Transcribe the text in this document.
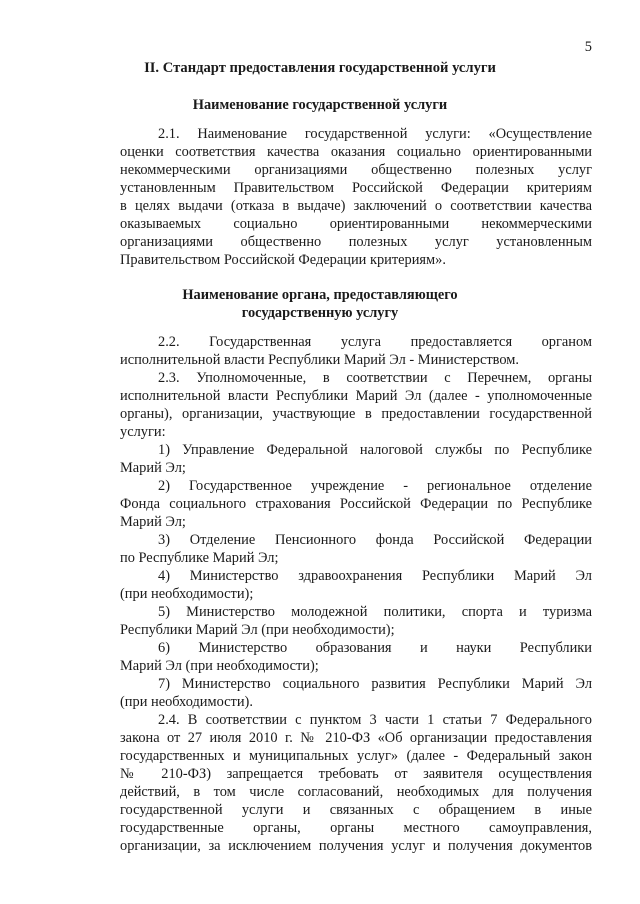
5
II. Стандарт предоставления государственной услуги
Наименование государственной услуги
2.1. Наименование государственной услуги: «Осуществление
оценки соответствия качества оказания социально ориентированными
некоммерческими организациями общественно полезных услуг
установленным Правительством Российской Федерации критериям
в целях выдачи (отказа в выдаче) заключений о соответствии качества
оказываемых социально ориентированными некоммерческими
организациями общественно полезных услуг установленным
Правительством Российской Федерации критериям».
Наименование органа, предоставляющего
государственную услугу
2.2. Государственная услуга предоставляется органом
исполнительной власти Республики Марий Эл - Министерством.
2.3. Уполномоченные, в соответствии с Перечнем, органы
исполнительной власти Республики Марий Эл (далее - уполномоченные
органы), организации, участвующие в предоставлении государственной
услуги:
1) Управление Федеральной налоговой службы по Республике
Марий Эл;
2) Государственное учреждение - региональное отделение
Фонда социального страхования Российской Федерации по Республике
Марий Эл;
3) Отделение Пенсионного фонда Российской Федерации
по Республике Марий Эл;
4) Министерство здравоохранения Республики Марий Эл
(при необходимости);
5) Министерство молодежной политики, спорта и туризма
Республики Марий Эл (при необходимости);
6) Министерство образования и науки Республики
Марий Эл (при необходимости);
7) Министерство социального развития Республики Марий Эл
(при необходимости).
2.4. В соответствии с пунктом 3 части 1 статьи 7 Федерального
закона от 27 июля 2010 г. № 210-ФЗ «Об организации предоставления
государственных и муниципальных услуг» (далее - Федеральный закон
№ 210-ФЗ) запрещается требовать от заявителя осуществления
действий, в том числе согласований, необходимых для получения
государственной услуги и связанных с обращением в иные
государственные органы, органы местного самоуправления,
организации, за исключением получения услуг и получения документов
